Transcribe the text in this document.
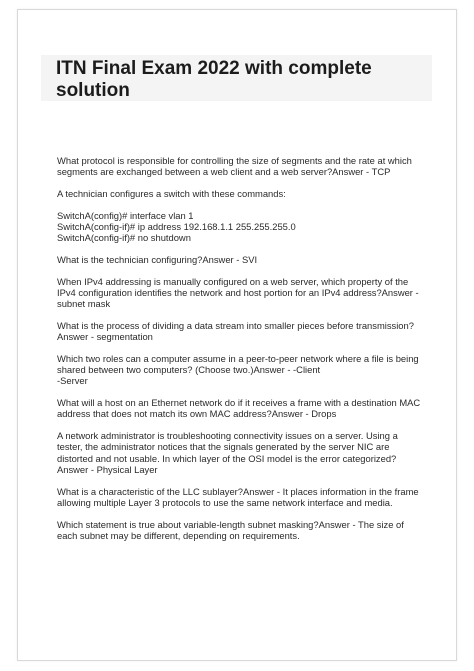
ITN Final Exam 2022 with complete
solution

What protocol is responsible for controlling the size of segments and the rate at which
segments are exchanged between a web client and a web server?Answer - TCP

A technician configures a switch with these commands:

SwitchA(config)# interface vlan 1
SwitchA(config-if)# ip address 192.168.1.1 255.255.255.0
SwitchA(config-if)# no shutdown

What is the technician configuring?Answer - SVI

When IPv4 addressing is manually configured on a web server, which property of the
IPv4 configuration identifies the network and host portion for an IPv4 address?Answer -
subnet mask

What is the process of dividing a data stream into smaller pieces before transmission?
Answer - segmentation

Which two roles can a computer assume in a peer-to-peer network where a file is being
shared between two computers? (Choose two.)Answer - -Client
-Server

What will a host on an Ethernet network do if it receives a frame with a destination MAC
address that does not match its own MAC address?Answer - Drops

A network administrator is troubleshooting connectivity issues on a server. Using a
tester, the administrator notices that the signals generated by the server NIC are
distorted and not usable. In which layer of the OSI model is the error categorized?
Answer - Physical Layer

What is a characteristic of the LLC sublayer?Answer - It places information in the frame
allowing multiple Layer 3 protocols to use the same network interface and media.

Which statement is true about variable-length subnet masking?Answer - The size of
each subnet may be different, depending on requirements.
